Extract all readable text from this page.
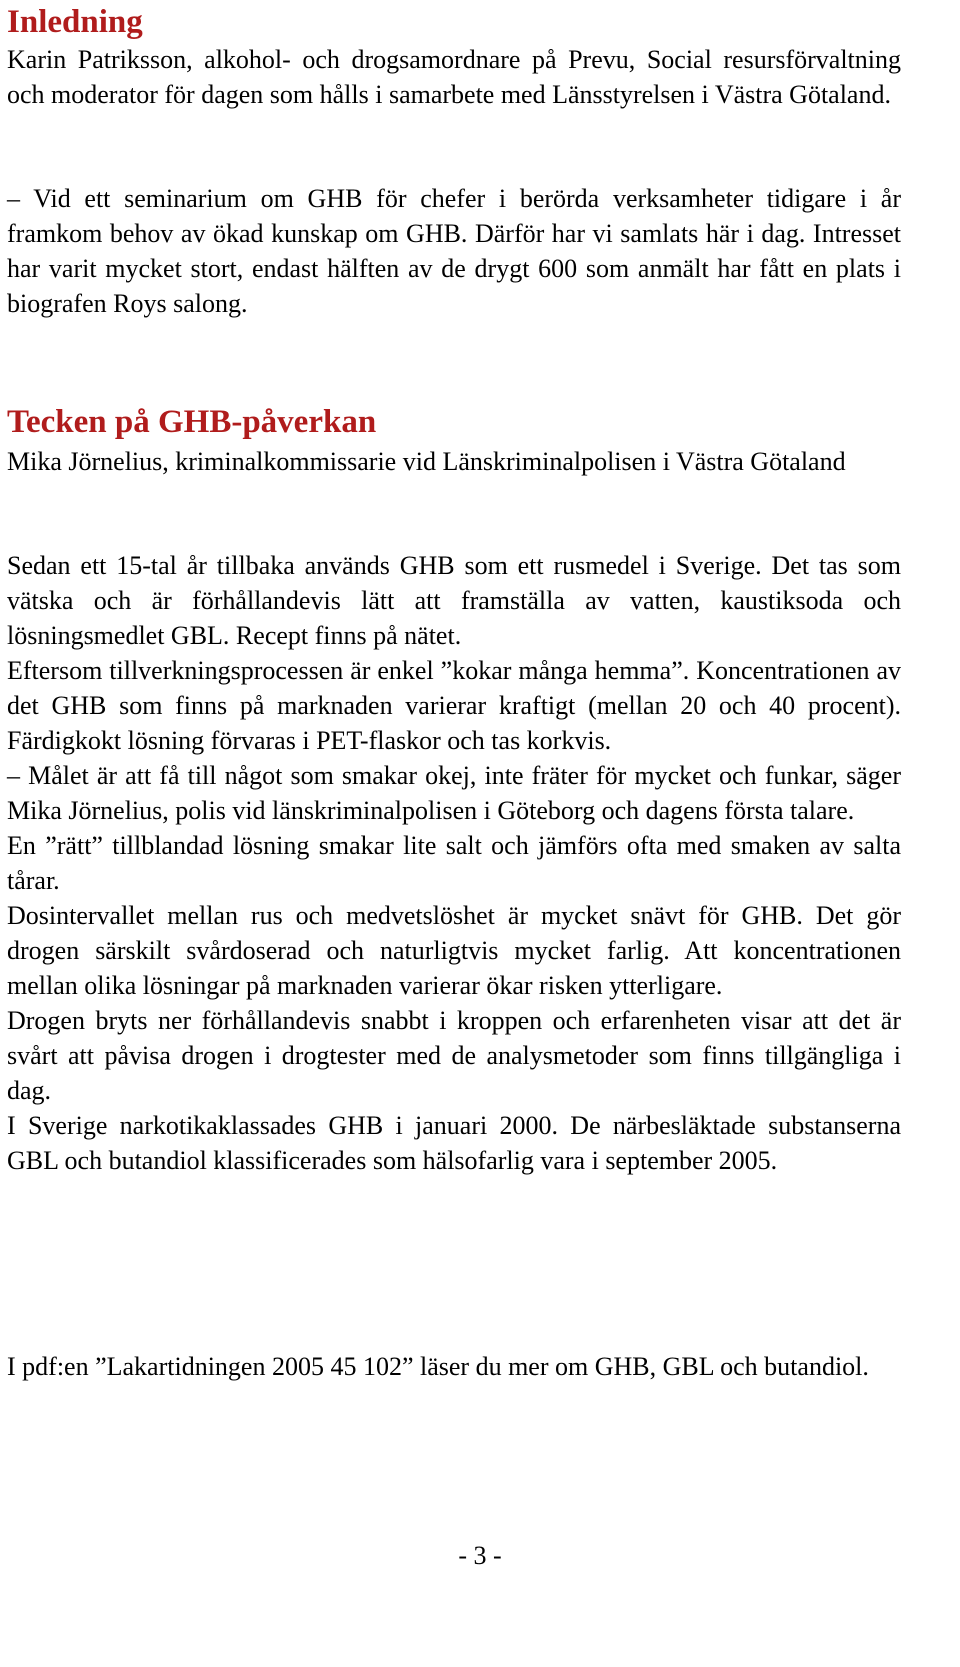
Inledning

Karin Patriksson, alkohol- och drogsamordnare på Prevu, Social resursförvaltning och moderator för dagen som hålls i samarbete med Länsstyrelsen i Västra Götaland.

– Vid ett seminarium om GHB för chefer i berörda verksamheter tidigare i år framkom behov av ökad kunskap om GHB. Därför har vi samlats här i dag. Intresset har varit mycket stort, endast hälften av de drygt 600 som anmält har fått en plats i biografen Roys salong.

Tecken på GHB-påverkan

Mika Jörnelius, kriminalkommissarie vid Länskriminalpolisen i Västra Götaland

Sedan ett 15-tal år tillbaka används GHB som ett rusmedel i Sverige. Det tas som vätska och är förhållandevis lätt att framställa av vatten, kaustiksoda och lösningsmedlet GBL. Recept finns på nätet.

Eftersom tillverkningsprocessen är enkel ”kokar många hemma”. Koncentrationen av det GHB som finns på marknaden varierar kraftigt (mellan 20 och 40 procent). Färdigkokt lösning förvaras i PET-flaskor och tas korkvis.

– Målet är att få till något som smakar okej, inte fräter för mycket och funkar, säger Mika Jörnelius, polis vid länskriminalpolisen i Göteborg och dagens första talare.

En ”rätt” tillblandad lösning smakar lite salt och jämförs ofta med smaken av salta tårar.

Dosintervallet mellan rus och medvetslöshet är mycket snävt för GHB. Det gör drogen särskilt svårdoserad och naturligtvis mycket farlig. Att koncentrationen mellan olika lösningar på marknaden varierar ökar risken ytterligare.

Drogen bryts ner förhållandevis snabbt i kroppen och erfarenheten visar att det är svårt att påvisa drogen i drogtester med de analysmetoder som finns tillgängliga i dag.

I Sverige narkotikaklassades GHB i januari 2000. De närbesläktade substanserna GBL och butandiol klassificerades som hälsofarlig vara i september 2005.

I pdf:en ”Lakartidningen 2005 45 102” läser du mer om GHB, GBL och butandiol.

- 3 -
